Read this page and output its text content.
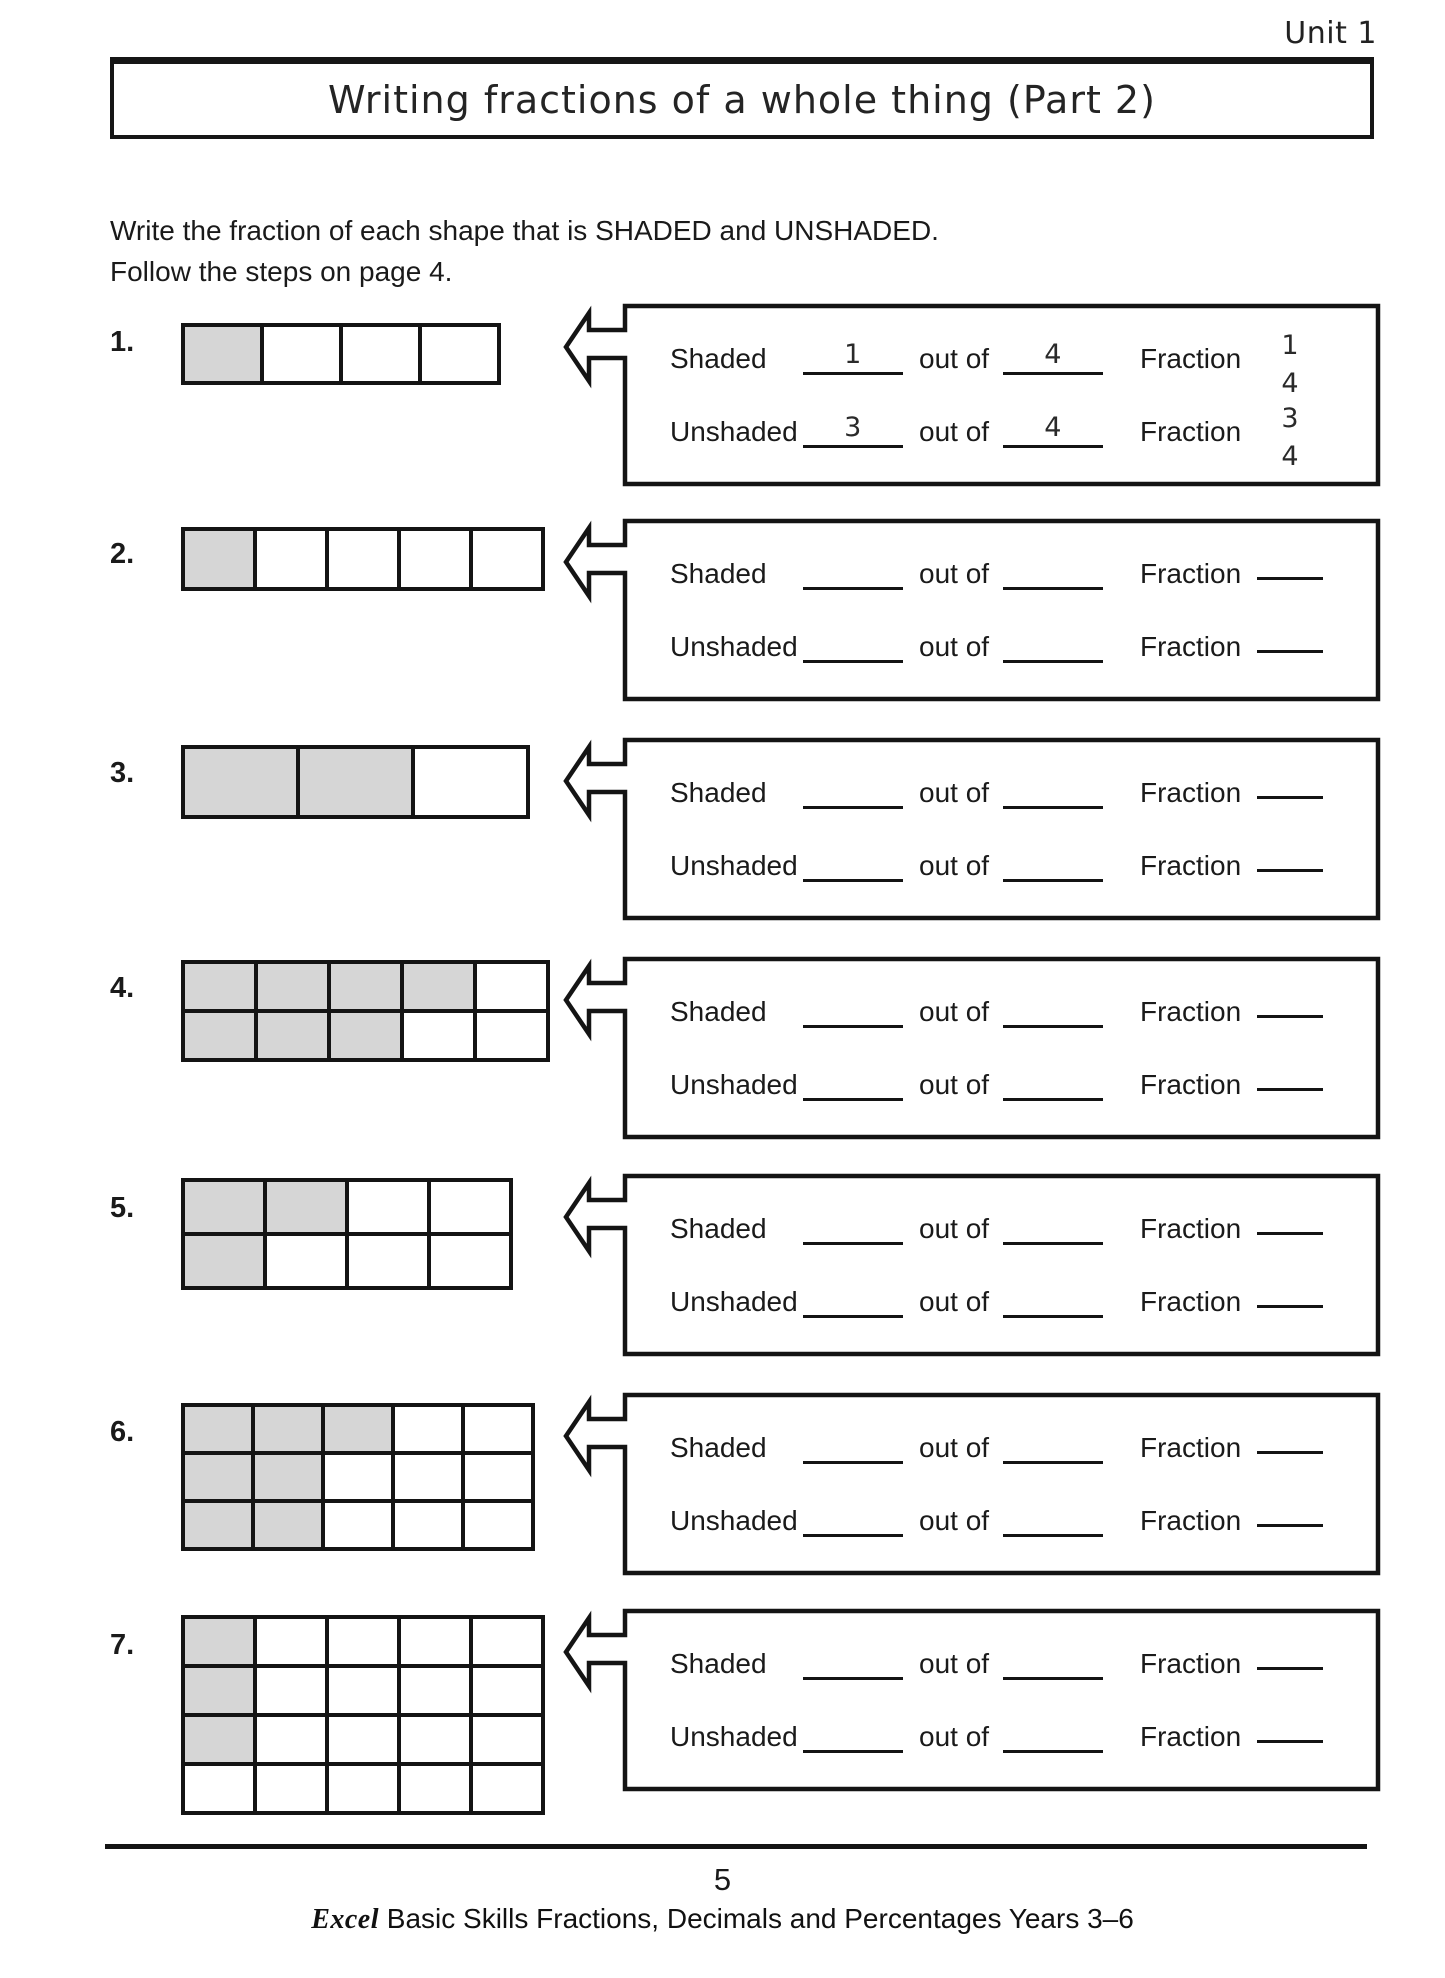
Unit 1
Writing fractions of a whole thing (Part 2)
Write the fraction of each shape that is SHADED and UNSHADED.
Follow the steps on page 4.
1.
Shaded	1	out of	4	Fraction	1
4
Unshaded	3	out of	4	Fraction	3
4
2.
Shaded	out of	Fraction
Unshaded	out of	Fraction
3.
Shaded	out of	Fraction
Unshaded	out of	Fraction
4.
Shaded	out of	Fraction
Unshaded	out of	Fraction
5.
Shaded	out of	Fraction
Unshaded	out of	Fraction
6.	Shaded	out of	Fraction
Unshaded	out of	Fraction
7.
Shaded	out of	Fraction
Unshaded	out of	Fraction
5
Excel Basic Skills Fractions, Decimals and Percentages Years 3–6
